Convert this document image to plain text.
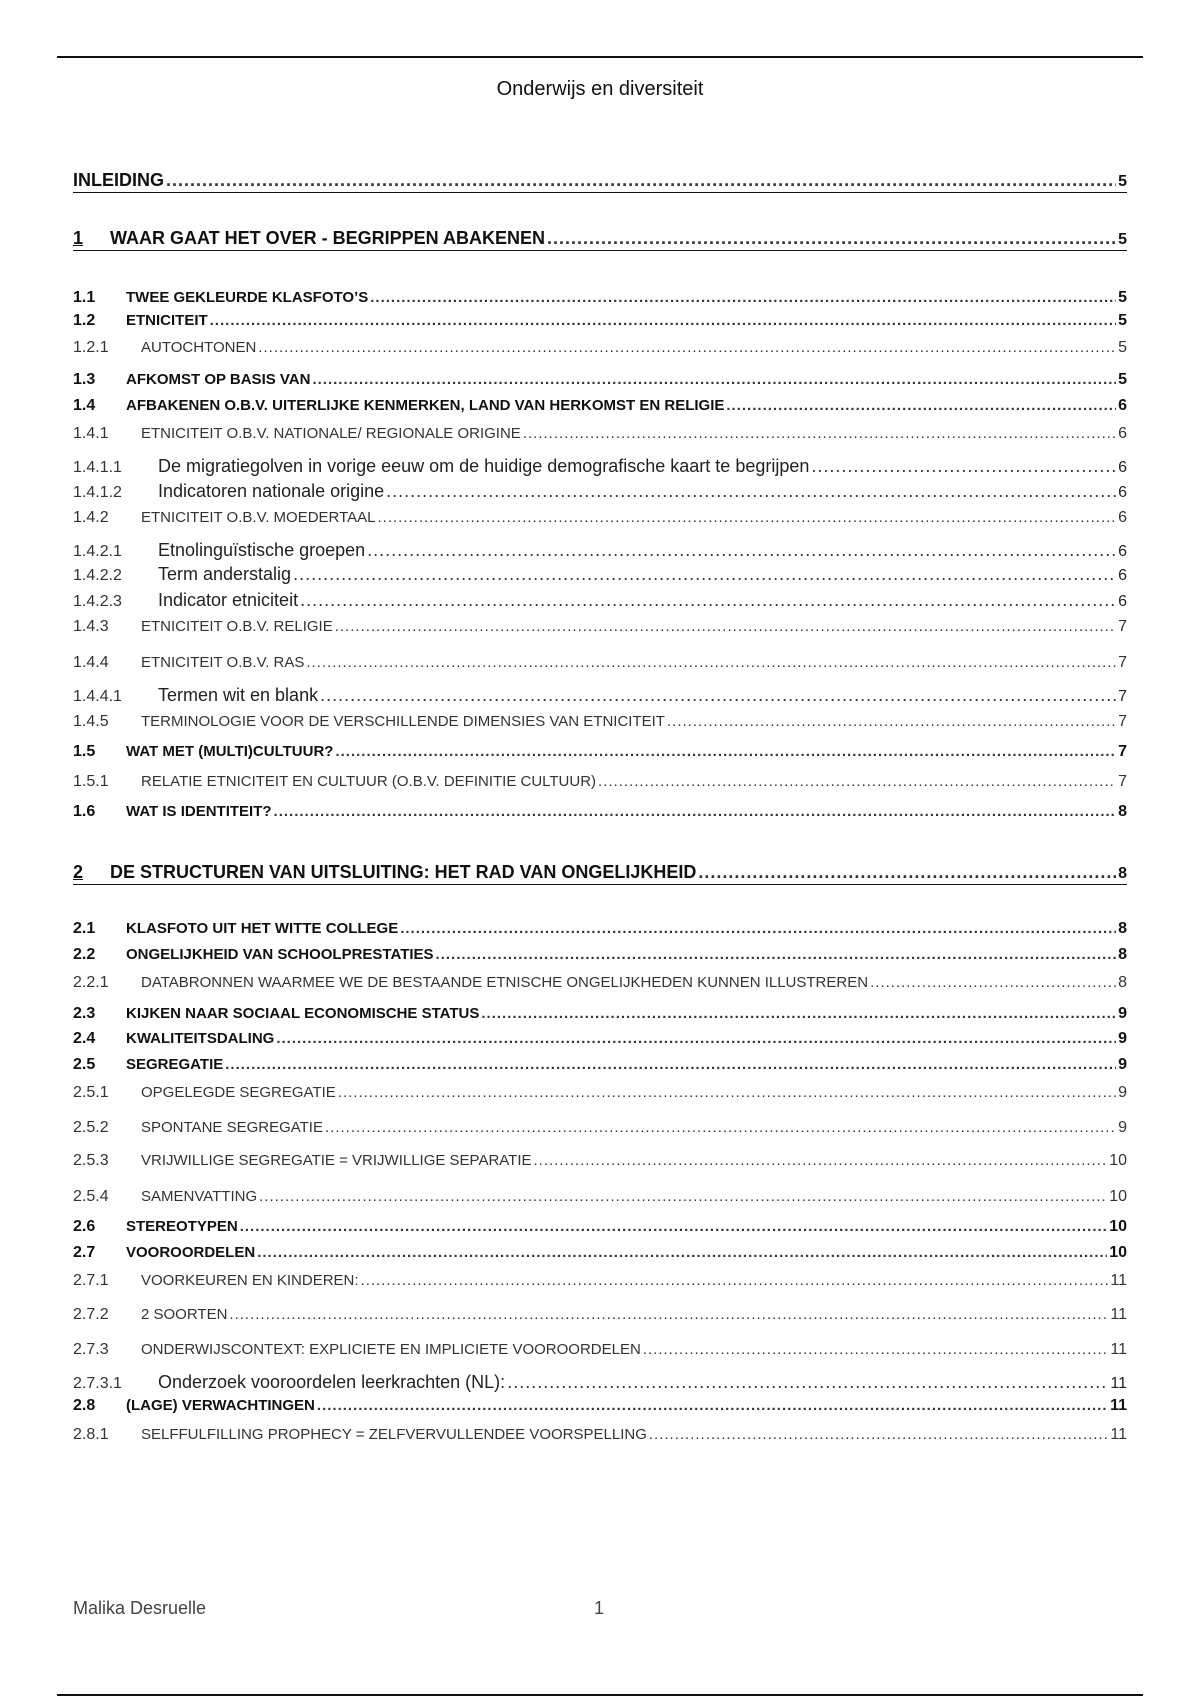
Onderwijs en diversiteit
INLEIDING .....	5
1	WAAR GAAT HET OVER - BEGRIPPEN ABAKENEN .....	5
1.1	TWEE GEKLEURDE KLASFOTO’S .....	5
1.2	ETNICITEIT .....	5
1.2.1	AUTOCHTONEN .....	5
1.3	AFKOMST OP BASIS VAN .....	5
1.4	AFBAKENEN O.B.V. UITERLIJKE KENMERKEN, LAND VAN HERKOMST EN RELIGIE .....	6
1.4.1	ETNICITEIT O.B.V. NATIONALE/ REGIONALE ORIGINE .....	6
1.4.1.1	De migratiegolven in vorige eeuw om de huidige demografische kaart te begrijpen .....	6
1.4.1.2	Indicatoren nationale origine .....	6
1.4.2	ETNICITEIT O.B.V. MOEDERTAAL .....	6
1.4.2.1	Etnolinguïstische groepen .....	6
1.4.2.2	Term anderstalig .....	6
1.4.2.3	Indicator etniciteit .....	6
1.4.3	ETNICITEIT O.B.V. RELIGIE .....	7
1.4.4	ETNICITEIT O.B.V. RAS .....	7
1.4.4.1	Termen wit en blank .....	7
1.4.5	TERMINOLOGIE VOOR DE VERSCHILLENDE DIMENSIES VAN ETNICITEIT .....	7
1.5	WAT MET (MULTI)CULTUUR? .....	7
1.5.1	RELATIE ETNICITEIT EN CULTUUR (O.B.V. DEFINITIE CULTUUR) .....	7
1.6	WAT IS IDENTITEIT? .....	8
2	DE STRUCTUREN VAN UITSLUITING: HET RAD VAN ONGELIJKHEID .....	8
2.1	KLASFOTO UIT HET WITTE COLLEGE .....	8
2.2	ONGELIJKHEID VAN SCHOOLPRESTATIES .....	8
2.2.1	DATABRONNEN WAARMEE WE DE BESTAANDE ETNISCHE ONGELIJKHEDEN KUNNEN ILLUSTREREN .....	8
2.3	KIJKEN NAAR SOCIAAL ECONOMISCHE STATUS .....	9
2.4	KWALITEITSDALING .....	9
2.5	SEGREGATIE .....	9
2.5.1	OPGELEGDE SEGREGATIE .....	9
2.5.2	SPONTANE SEGREGATIE .....	9
2.5.3	VRIJWILLIGE SEGREGATIE = VRIJWILLIGE SEPARATIE .....	10
2.5.4	SAMENVATTING .....	10
2.6	STEREOTYPEN .....	10
2.7	VOOROORDELEN .....	10
2.7.1	VOORKEUREN EN KINDEREN: .....	11
2.7.2	2 SOORTEN .....	11
2.7.3	ONDERWIJSCONTEXT: EXPLICIETE EN IMPLICIETE VOOROORDELEN .....	11
2.7.3.1	Onderzoek vooroordelen leerkrachten (NL): .....	11
2.8	(LAGE) VERWACHTINGEN .....	11
2.8.1	SELFFULFILLING PROPHECY = ZELFVERVULLENDEE VOORSPELLING .....	11
Malika Desruelle	1
